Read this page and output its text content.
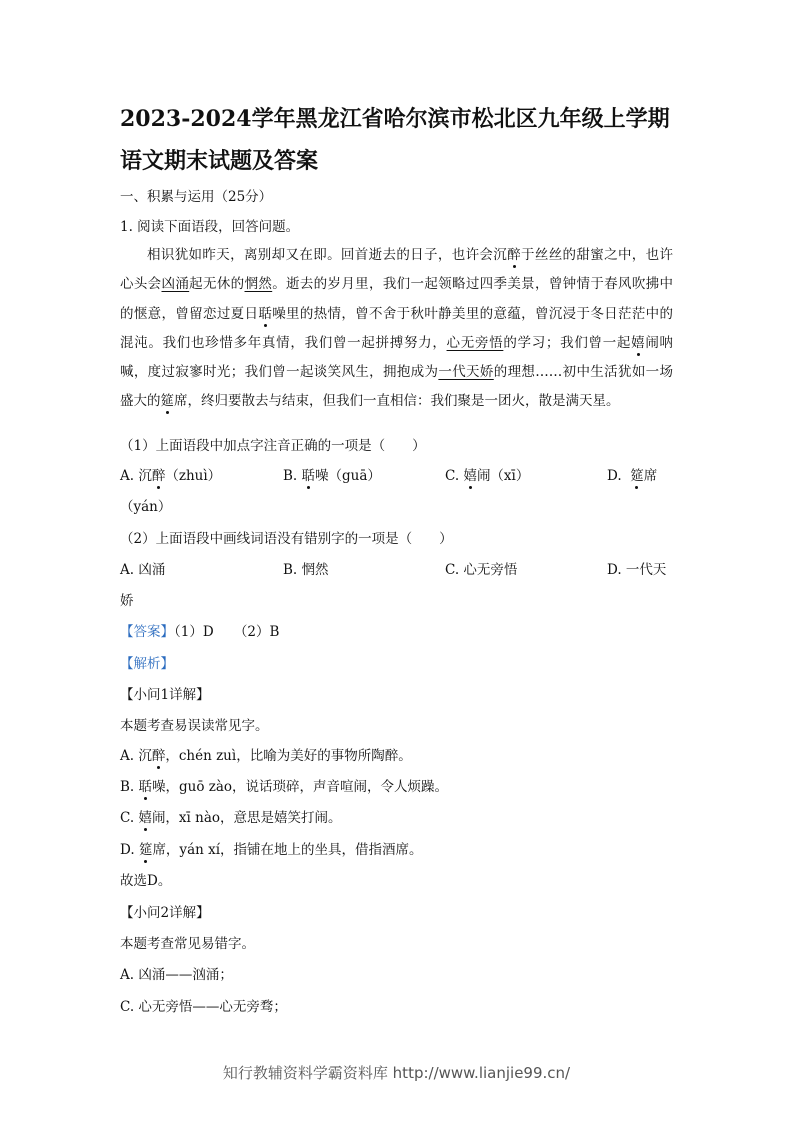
2023-2024学年黑龙江省哈尔滨市松北区九年级上学期语文期末试题及答案
一、积累与运用（25分）
1. 阅读下面语段，回答问题。

相识犹如昨天，离别却又在即。回首逝去的日子，也许会沉醉于丝丝的甜蜜之中，也许心头会凶涌起无休的惘然。逝去的岁月里，我们一起领略过四季美景，曾钟情于春风吹拂中的惬意，曾留恋过夏日聒噪里的热情，曾不舍于秋叶静美里的意蕴，曾沉浸于冬日茫茫中的混沌。我们也珍惜多年真情，我们曾一起拼搏努力，心无旁悟的学习；我们曾一起嬉闹呐喊，度过寂寥时光；我们曾一起谈笑风生，拥抱成为一代天娇的理想……初中生活犹如一场盛大的筵席，终归要散去与结束，但我们一直相信：我们聚是一团火，散是满天星。

（1）上面语段中加点字注音正确的一项是（　　）
A. 沉醉（zhuì）	B. 聒噪（guā）	C. 嬉闹（xī）	D. 筵席
（yán）
（2）上面语段中画线词语没有错别字的一项是（　　）
A. 凶涌	B. 惘然	C. 心无旁悟	D. 一代天
娇
【答案】（1）D　　（2）B
【解析】
【小问1详解】
本题考查易误读常见字。
A. 沉醉，chén zuì，比喻为美好的事物所陶醉。
B. 聒噪，guō zào，说话琐碎，声音喧闹，令人烦躁。
C. 嬉闹，xī nào，意思是嬉笑打闹。
D. 筵席，yán xí，指铺在地上的坐具，借指酒席。
故选D。
【小问2详解】
本题考查常见易错字。
A. 凶涌——汹涌；
C. 心无旁悟——心无旁骛；
知行教辅资料学霸资料库 http://www.lianjie99.cn/
